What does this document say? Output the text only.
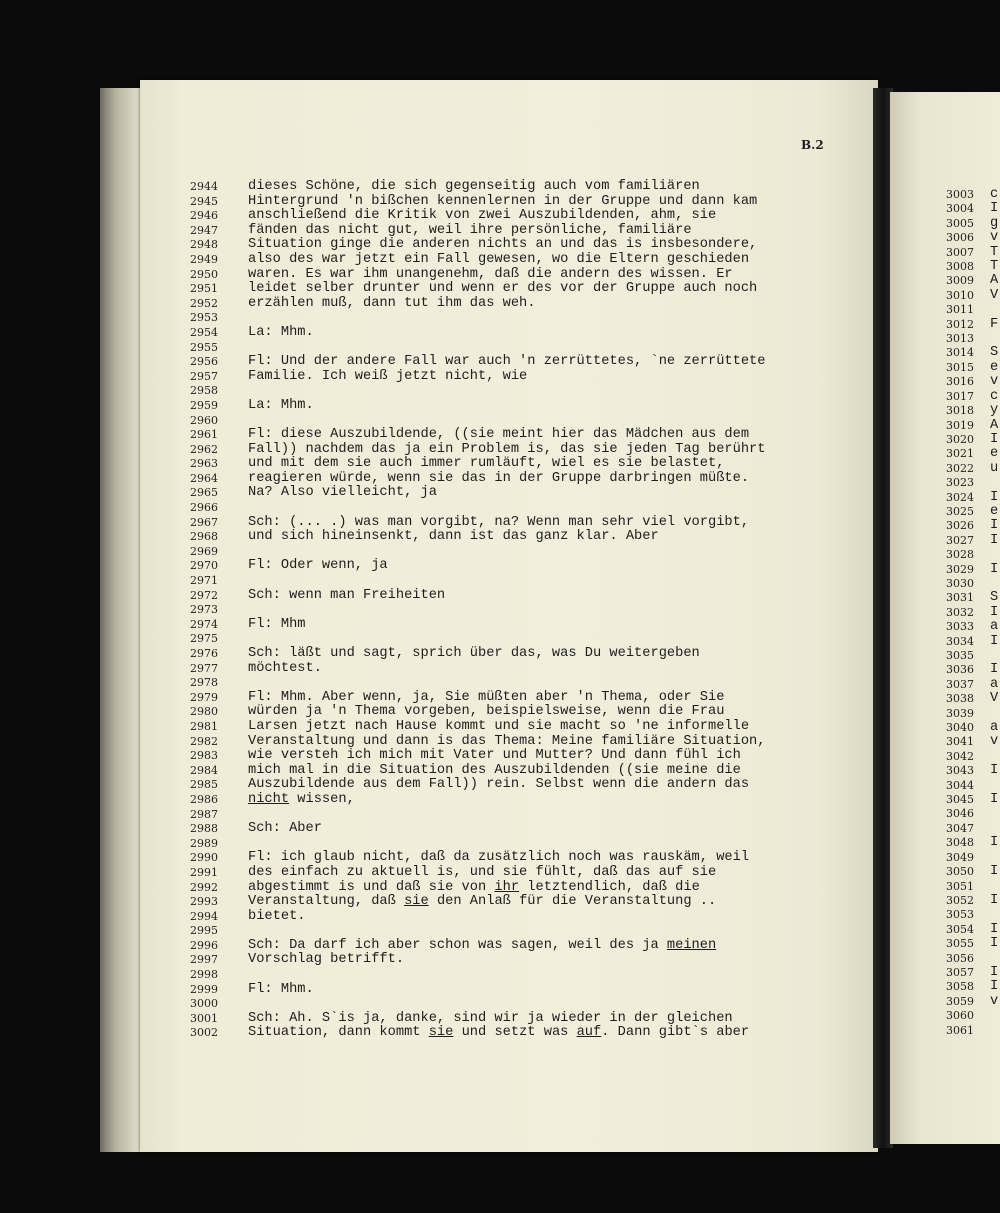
B.2
2944	dieses Schöne, die sich gegenseitig auch vom familiären
2945	Hintergrund 'n bißchen kennenlernen in der Gruppe und dann kam
2946	anschließend die Kritik von zwei Auszubildenden, ahm, sie
2947	fänden das nicht gut, weil ihre persönliche, familiäre
2948	Situation ginge die anderen nichts an und das is insbesondere,
2949	also des war jetzt ein Fall gewesen, wo die Eltern geschieden
2950	waren. Es war ihm unangenehm, daß die andern des wissen. Er
2951	leidet selber drunter und wenn er des vor der Gruppe auch noch
2952	erzählen muß, dann tut ihm das weh.
2953
2954	La: Mhm.
2955
2956	Fl: Und der andere Fall war auch 'n zerrüttetes, `ne zerrüttete
2957	Familie. Ich weiß jetzt nicht, wie
2958
2959	La: Mhm.
2960
2961	Fl: diese Auszubildende, ((sie meint hier das Mädchen aus dem
2962	Fall)) nachdem das ja ein Problem is, das sie jeden Tag berührt
2963	und mit dem sie auch immer rumläuft, wiel es sie belastet,
2964	reagieren würde, wenn sie das in der Gruppe darbringen müßte.
2965	Na? Also vielleicht, ja
2966
2967	Sch: (... .) was man vorgibt, na? Wenn man sehr viel vorgibt,
2968	und sich hineinsenkt, dann ist das ganz klar. Aber
2969
2970	Fl: Oder wenn, ja
2971
2972	Sch: wenn man Freiheiten
2973
2974	Fl: Mhm
2975
2976	Sch: läßt und sagt, sprich über das, was Du weitergeben
2977	möchtest.
2978
2979	Fl: Mhm. Aber wenn, ja, Sie müßten aber 'n Thema, oder Sie
2980	würden ja 'n Thema vorgeben, beispielsweise, wenn die Frau
2981	Larsen jetzt nach Hause kommt und sie macht so 'ne informelle
2982	Veranstaltung und dann is das Thema: Meine familiäre Situation,
2983	wie versteh ich mich mit Vater und Mutter? Und dann fühl ich
2984	mich mal in die Situation des Auszubildenden ((sie meine die
2985	Auszubildende aus dem Fall)) rein. Selbst wenn die andern das
2986	nicht wissen,
2987
2988	Sch: Aber
2989
2990	Fl: ich glaub nicht, daß da zusätzlich noch was rauskäm, weil
2991	des einfach zu aktuell is, und sie fühlt, daß das auf sie
2992	abgestimmt is und daß sie von ihr letztendlich, daß die
2993	Veranstaltung, daß sie den Anlaß für die Veranstaltung ..
2994	bietet.
2995
2996	Sch: Da darf ich aber schon was sagen, weil des ja meinen
2997	Vorschlag betrifft.
2998
2999	Fl: Mhm.
3000
3001	Sch: Ah. S`is ja, danke, sind wir ja wieder in der gleichen
3002	Situation, dann kommt sie und setzt was auf. Dann gibt`s aber
3003	c
3004	I
3005	g
3006	v
3007	T
3008	T
3009	A
3010	V
3011
3012	F
3013
3014	S
3015	e
3016	v
3017	c
3018	y
3019	A
3020	I
3021	e
3022	u
3023
3024	I
3025	e
3026	I
3027	I
3028
3029	I
3030
3031	S
3032	I
3033	a
3034	I
3035
3036	I
3037	a
3038	V
3039
3040	a
3041	v
3042
3043	I
3044
3045	I
3046
3047
3048	I
3049
3050	I
3051
3052	I
3053
3054	I
3055	I
3056
3057	I
3058	I
3059	v
3060
3061
